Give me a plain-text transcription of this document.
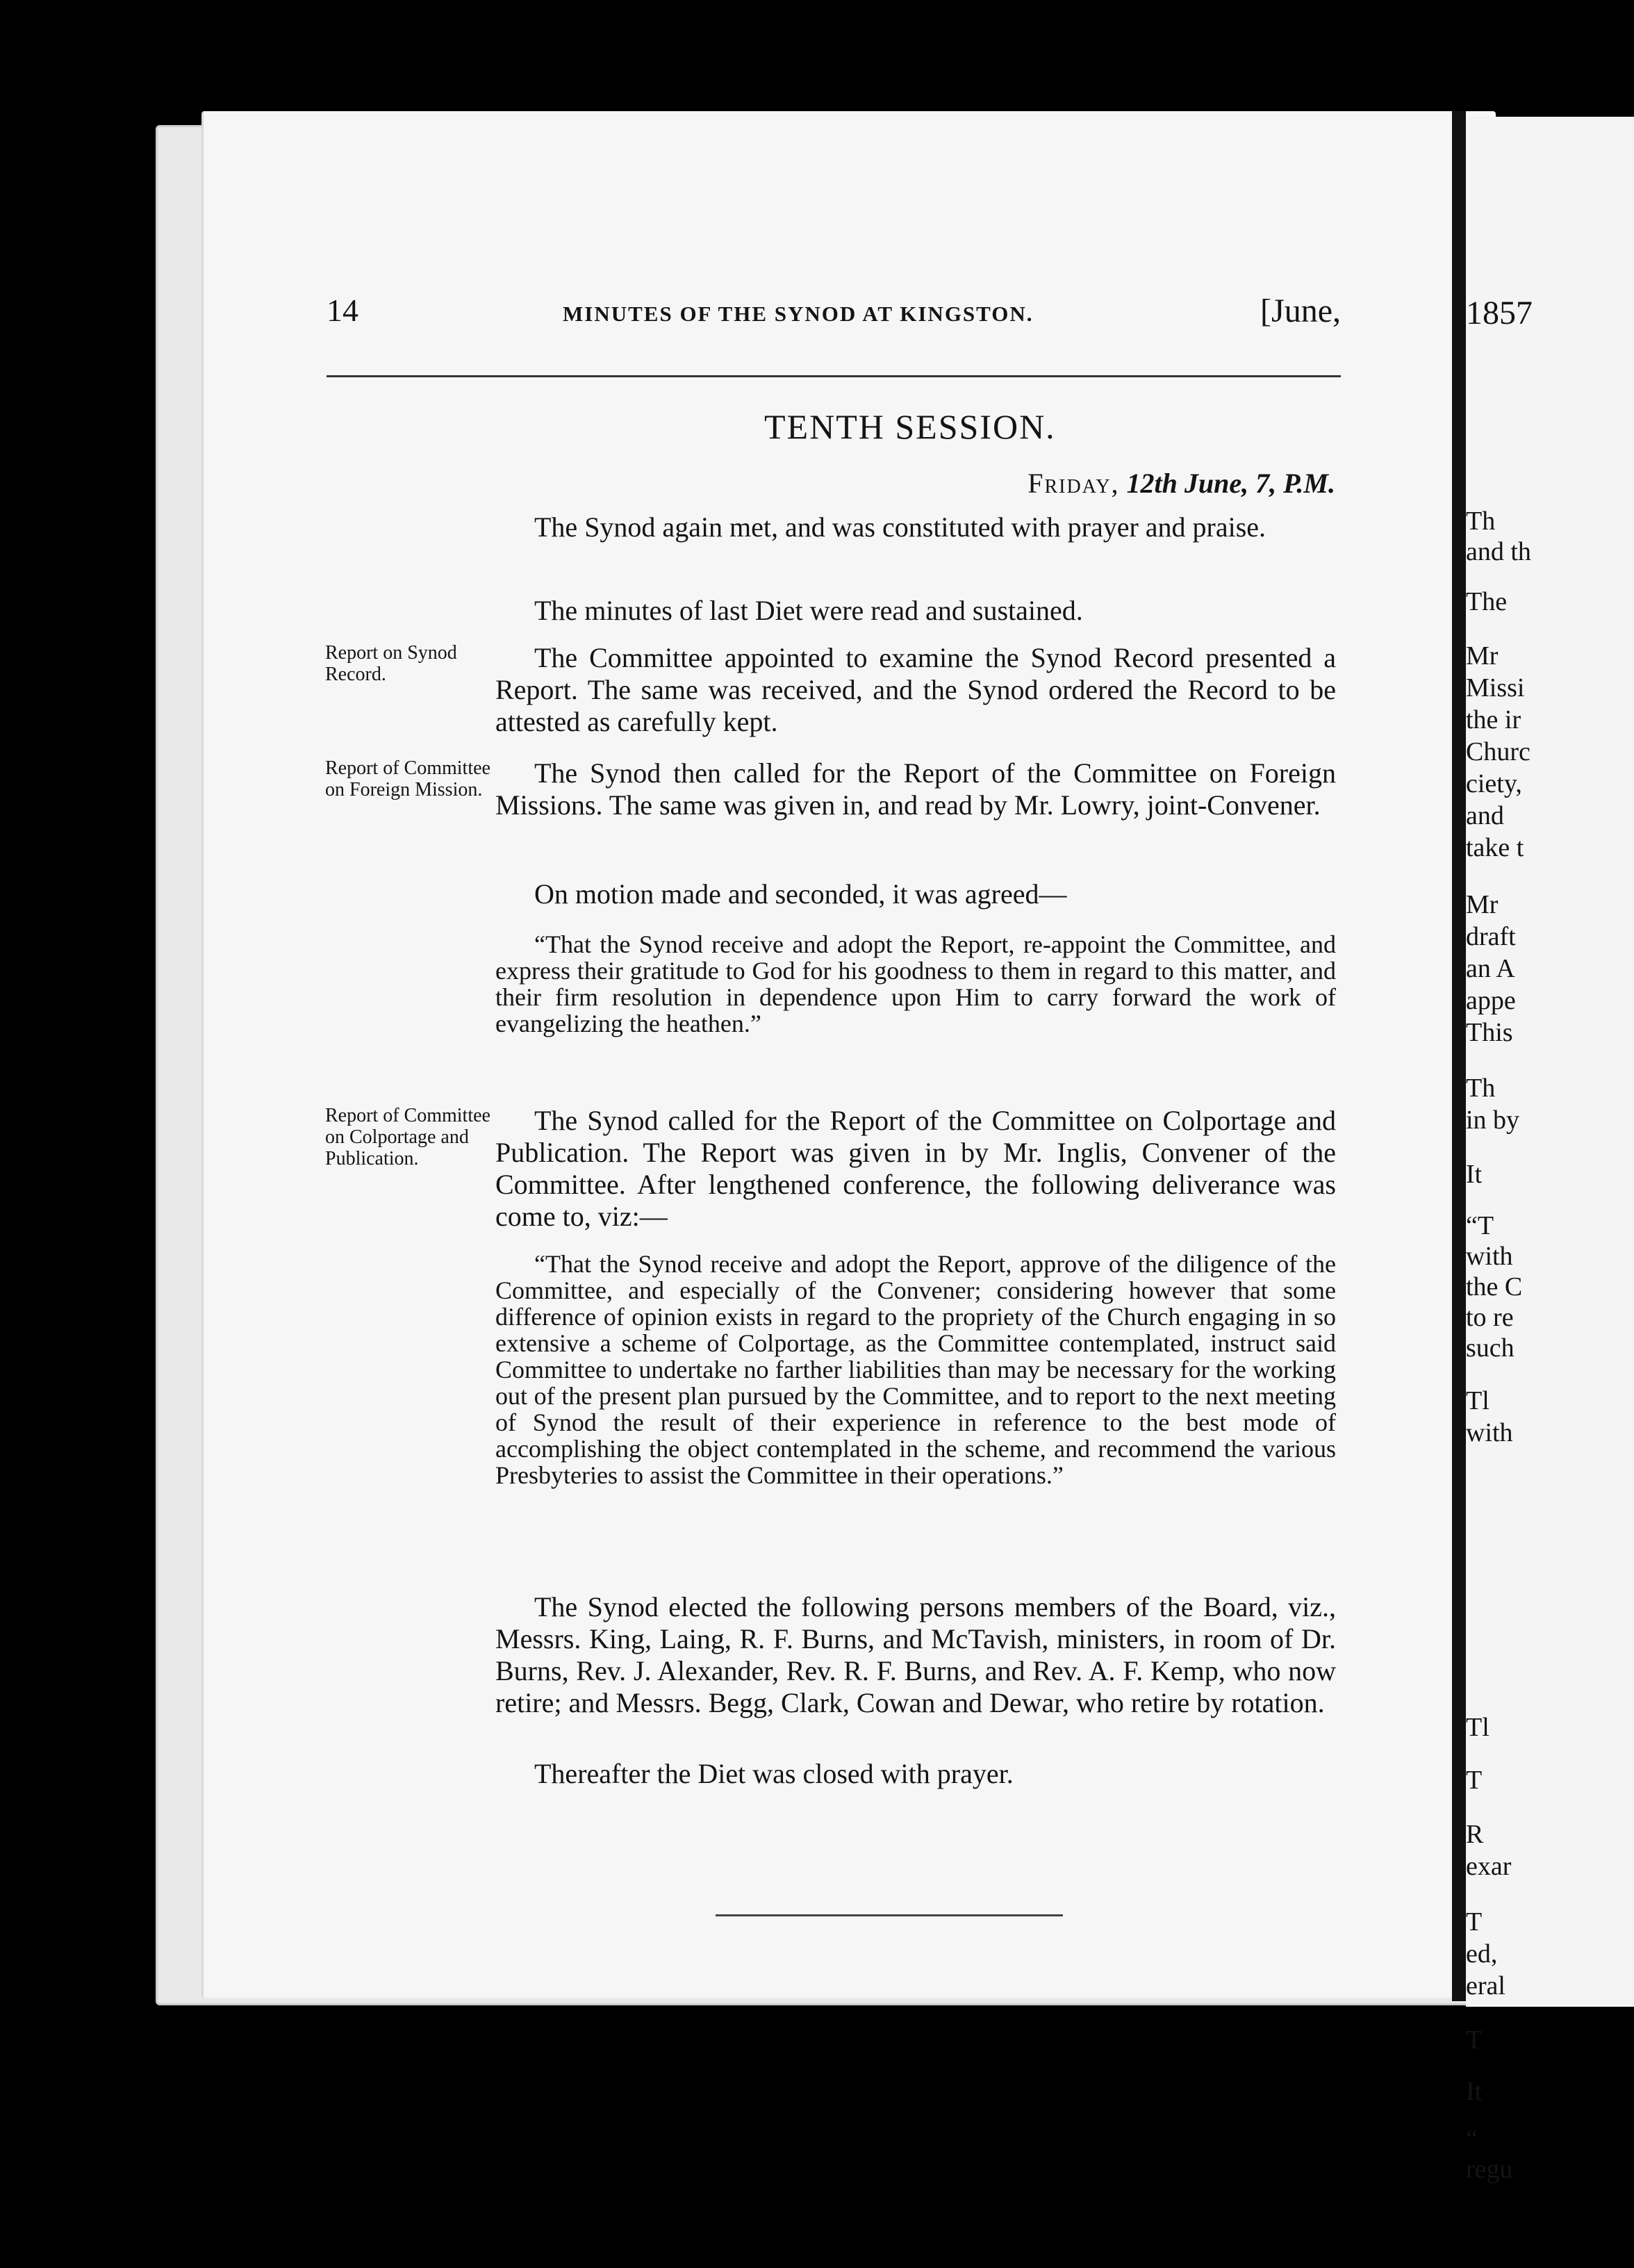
1857
Th
and th
The
Mr
Missi
the ir
Churc
ciety,
and
take t
Mr
draft
an A
appe
This
Th
in by
It
“T
with
the C
to re
such
Tl
with
Tl
T
R
exar
T
ed,
eral
T
It
“
regu
14	MINUTES OF THE SYNOD AT KINGSTON.	[June,
TENTH SESSION.
Friday, 12th June, 7, P.M.

The Synod again met, and was constituted with prayer and praise.

The minutes of last Diet were read and sustained.

Report on Synod Record.

The Committee appointed to examine the Synod Record presented a Report. The same was received, and the Synod ordered the Record to be attested as carefully kept.

Report of Committee on Foreign Mission.

The Synod then called for the Report of the Committee on Foreign Missions. The same was given in, and read by Mr. Lowry, joint-Convener.

On motion made and seconded, it was agreed—

“That the Synod receive and adopt the Report, re-appoint the Committee, and express their gratitude to God for his goodness to them in regard to this matter, and their firm resolution in dependence upon Him to carry forward the work of evangelizing the heathen.”

Report of Committee on Colportage and Publication.

The Synod called for the Report of the Committee on Colportage and Publication. The Report was given in by Mr. Inglis, Convener of the Committee. After lengthened conference, the following deliverance was come to, viz:—

“That the Synod receive and adopt the Report, approve of the diligence of the Committee, and especially of the Convener; considering however that some difference of opinion exists in regard to the propriety of the Church engaging in so extensive a scheme of Colportage, as the Committee contemplated, instruct said Committee to undertake no farther liabilities than may be necessary for the working out of the present plan pursued by the Committee, and to report to the next meeting of Synod the result of their experience in reference to the best mode of accomplishing the object contemplated in the scheme, and recommend the various Presbyteries to assist the Committee in their operations.”

The Synod elected the following persons members of the Board, viz., Messrs. King, Laing, R. F. Burns, and McTavish, ministers, in room of Dr. Burns, Rev. J. Alexander, Rev. R. F. Burns, and Rev. A. F. Kemp, who now retire; and Messrs. Begg, Clark, Cowan and Dewar, who retire by rotation.

Thereafter the Diet was closed with prayer.
